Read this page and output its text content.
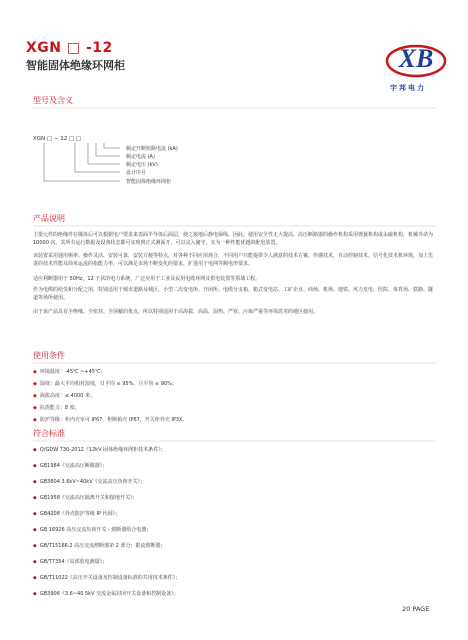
XGN □ -12
智能固体绝缘环网柜	XB
宇邦电力
型号及含义
XGN □ − 12 □ □
额定开断短路电流 (kA)
额定电流 (A)
额定电压 (kV)
设计序号
智能固体绝缘环网柜
产品说明

主要元件的绝缘件在媒体后可以根据电户要求来表面半导体后面层，使之接地后静电保线。因此，使用安全性无大提高。高压断路器的操作机构采用弹簧机构或永磁机构，机械寿命为 10000 次，其所有运行数据及设备状态都可实现到正式测面开，可以完入储守，实为一种性能优越的配电装置。

该装置采用通用频率、操作灵活、安装可靠，安装方便等特点，对各种不同应用场合，不同用户只能提供令人满意的技术方案。传感技术，自动控制技术，信号化技术机环境，加上先进的技术性能及简单运流的指能力率，可以满足市场不断变化的要求，扩进用于电网等额电形要求。

适应利断器用于 50Hz，12 千伏的电力系统，广泛应用于工业及民用电缆环网及供电装置等领域工程。

作为电缆的给受和分配之用，特别适用于城市道路及城区、小型二次变电所、开闭所、电缆分支箱、箱式变电站、工矿企业、商场、机场、地铁、风力发电、医院、体育场、铁路、隧道等场所使用。

由于该产品具有全绝缘、全密封、全屏蔽的优点，所以特别适用于高海拔、高温、湿热、严寒、污染严重等环境恶劣的地区使用。

使用条件
◆ 环境温度：-45℃ ~+45℃；
◆ 湿度：最大平均相对湿度，日平均 ≤ 95%，月平均 ≤ 90%；
◆ 海拔高度：≤ 4000 米；
◆ 抗震能力：8 度；
◆ 防护等级：柜内壳室可 IP67，柜断箱壳 IP67，开关柜外壳 IP3X。
符合标准
◆ Q/GDW 730-2012《12kV 固体绝缘环网柜技术条件》；
◆ GB1984《交流高压断路器》；
◆ GB3804 3.6kV~40kV《交流高压负荷开关》；
◆ GB1958《交流高压隔离开关和接地开关》；
◆ GB4208《外壳防护等级 IP 代码》；
◆ GB 16926 高压交流负荷开关 - 熔断器组合电器；
◆ GB/T15166.2 高压交流熔断器第 2 部分：限流熔断器；
◆ GB/T7354《局部放电测量》；
◆ GB/T11022《高压开关设备及控制设备标准的共用技术条件》；
◆ GB3906《3.6~40.5kV 交流金属封闭开关设备和控制设备》。
20 PAGE
